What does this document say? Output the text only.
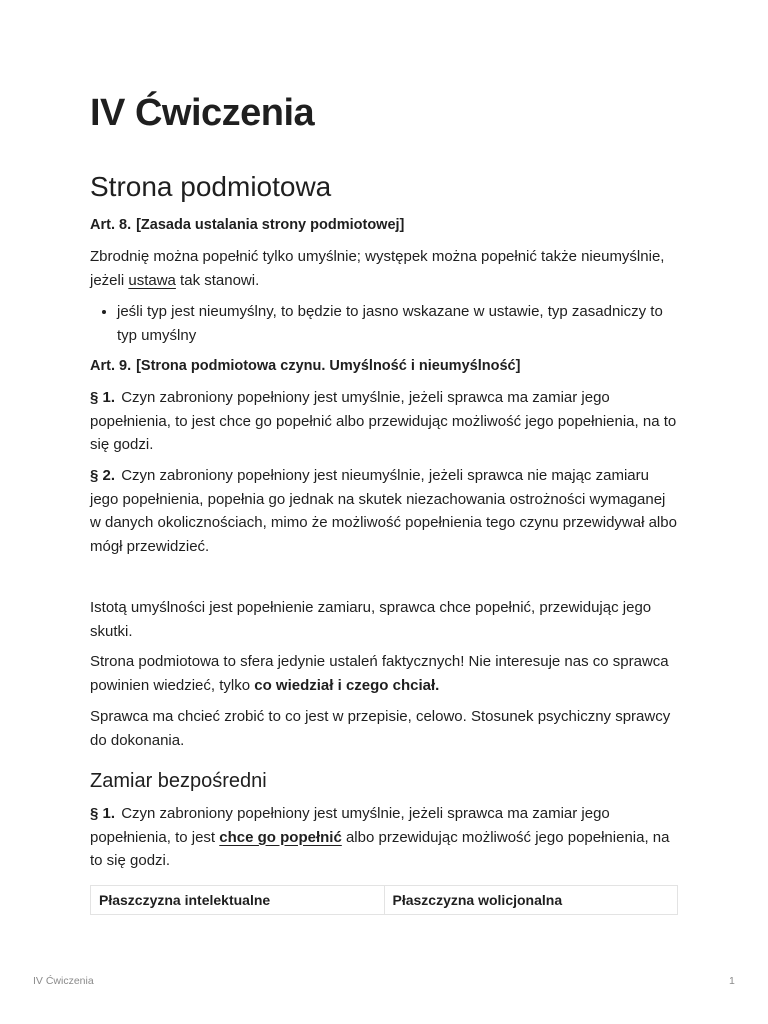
IV Ćwiczenia
Strona podmiotowa

Art. 8. [Zasada ustalania strony podmiotowej]

Zbrodnię można popełnić tylko umyślnie; występek można popełnić także nieumyślnie, jeżeli ustawa tak stanowi.

• jeśli typ jest nieumyślny, to będzie to jasno wskazane w ustawie, typ zasadniczy to typ umyślny

Art. 9. [Strona podmiotowa czynu. Umyślność i nieumyślność]

§ 1. Czyn zabroniony popełniony jest umyślnie, jeżeli sprawca ma zamiar jego popełnienia, to jest chce go popełnić albo przewidując możliwość jego popełnienia, na to się godzi.

§ 2. Czyn zabroniony popełniony jest nieumyślnie, jeżeli sprawca nie mając zamiaru jego popełnienia, popełnia go jednak na skutek niezachowania ostrożności wymaganej w danych okolicznościach, mimo że możliwość popełnienia tego czynu przewidywał albo mógł przewidzieć.

Istotą umyślności jest popełnienie zamiaru, sprawca chce popełnić, przewidując jego skutki.

Strona podmiotowa to sfera jedynie ustaleń faktycznych! Nie interesuje nas co sprawca powinien wiedzieć, tylko co wiedział i czego chciał.

Sprawca ma chcieć zrobić to co jest w przepisie, celowo. Stosunek psychiczny sprawcy do dokonania.

Zamiar bezpośredni

§ 1. Czyn zabroniony popełniony jest umyślnie, jeżeli sprawca ma zamiar jego popełnienia, to jest chce go popełnić albo przewidując możliwość jego popełnienia, na to się godzi.

Płaszczyzna intelektualne	Płaszczyzna wolicjonalna
IV Ćwiczenia	1
